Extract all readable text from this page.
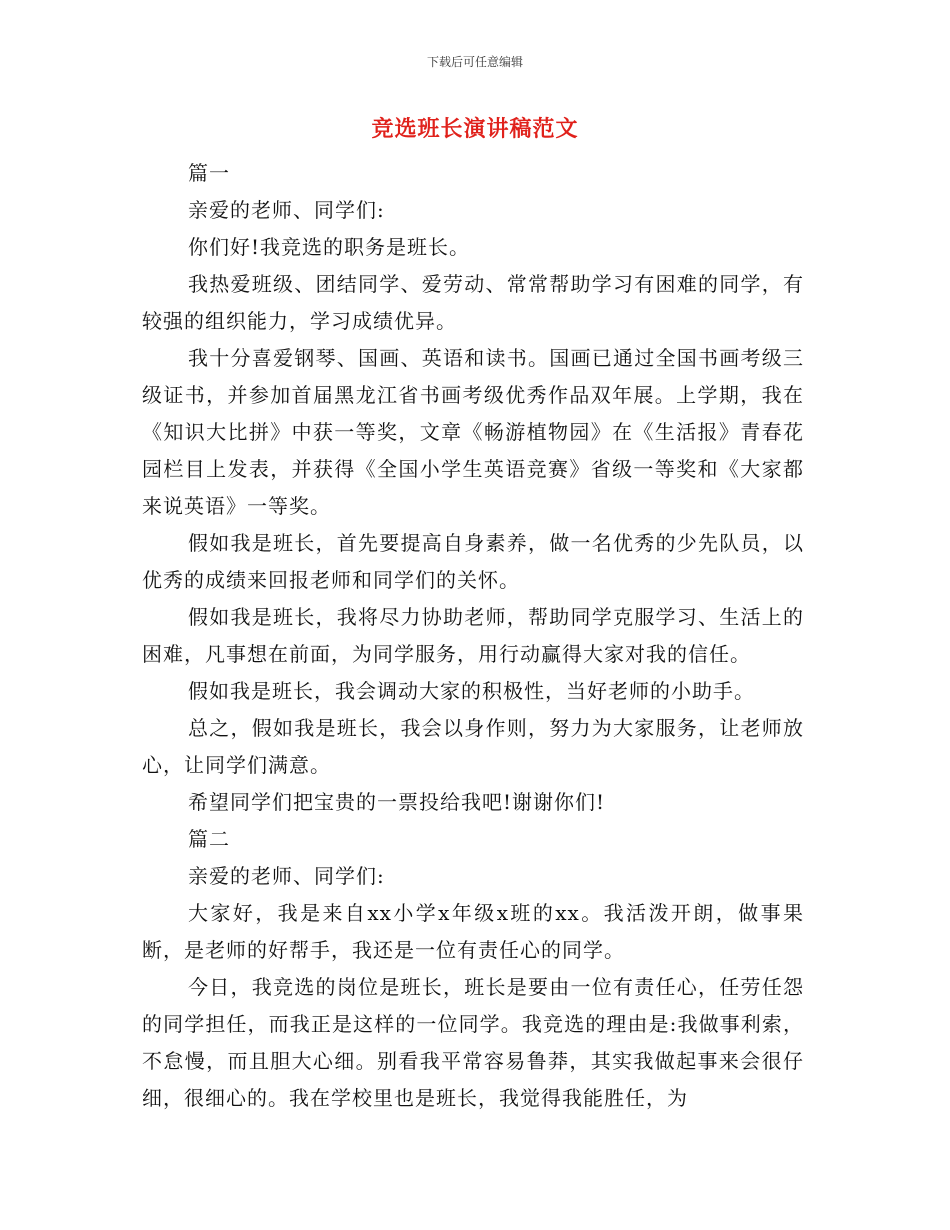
下载后可任意编辑
竞选班长演讲稿范文

篇一

亲爱的老师、同学们:

你们好!我竞选的职务是班长。

我热爱班级、团结同学、爱劳动、常常帮助学习有困难的同学，有较强的组织能力，学习成绩优异。

我十分喜爱钢琴、国画、英语和读书。国画已通过全国书画考级三级证书，并参加首届黑龙江省书画考级优秀作品双年展。上学期，我在《知识大比拼》中获一等奖，文章《畅游植物园》在《生活报》青春花园栏目上发表，并获得《全国小学生英语竞赛》省级一等奖和《大家都来说英语》一等奖。

假如我是班长，首先要提高自身素养，做一名优秀的少先队员，以优秀的成绩来回报老师和同学们的关怀。

假如我是班长，我将尽力协助老师，帮助同学克服学习、生活上的困难，凡事想在前面，为同学服务，用行动赢得大家对我的信任。

假如我是班长，我会调动大家的积极性，当好老师的小助手。

总之，假如我是班长，我会以身作则，努力为大家服务，让老师放心，让同学们满意。

希望同学们把宝贵的一票投给我吧!谢谢你们!

篇二

亲爱的老师、同学们:

大家好，我是来自xx小学x年级x班的xx。我活泼开朗，做事果断，是老师的好帮手，我还是一位有责任心的同学。

今日，我竞选的岗位是班长，班长是要由一位有责任心，任劳任怨的同学担任，而我正是这样的一位同学。我竞选的理由是:我做事利索，不怠慢，而且胆大心细。别看我平常容易鲁莽，其实我做起事来会很仔细，很细心的。我在学校里也是班长，我觉得我能胜任，为
